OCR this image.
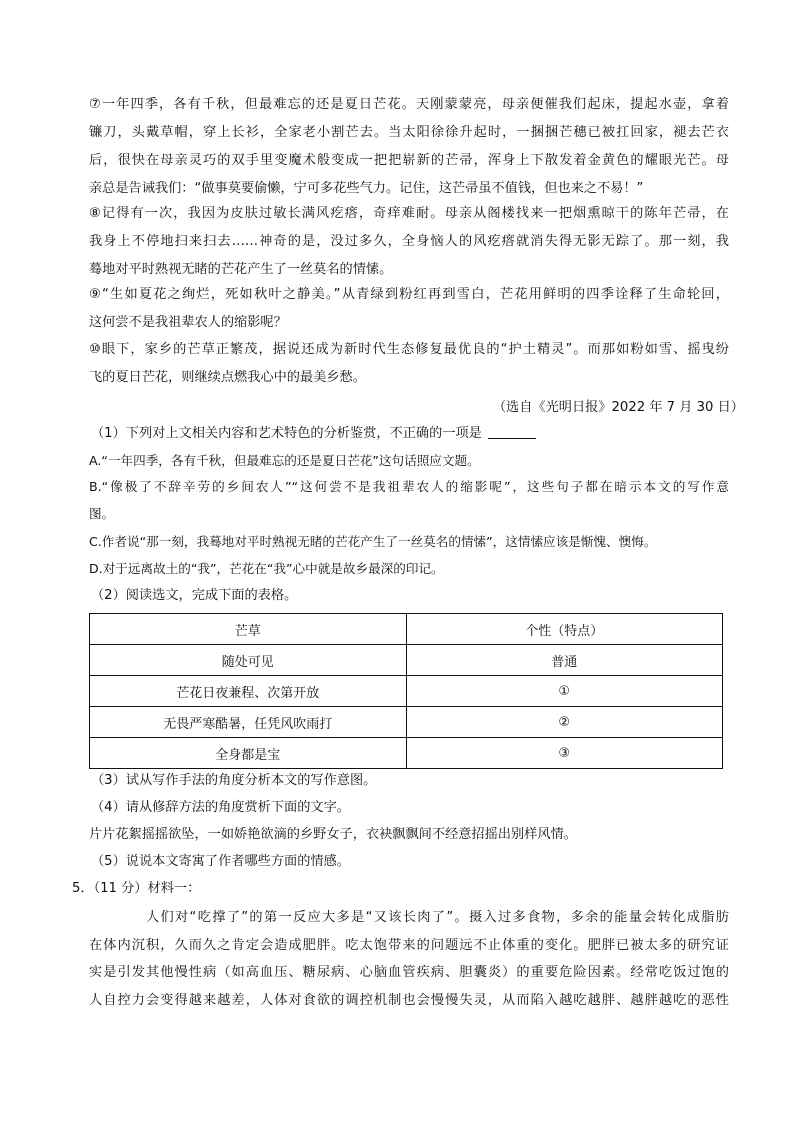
⑦一年四季，各有千秋，但最难忘的还是夏日芒花。天刚蒙蒙亮，母亲便催我们起床，提起水壶，拿着
镰刀，头戴草帽，穿上长衫，全家老小割芒去。当太阳徐徐升起时，一捆捆芒穗已被扛回家，褪去芒衣
后，很快在母亲灵巧的双手里变魔术般变成一把把崭新的芒帚，浑身上下散发着金黄色的耀眼光芒。母
亲总是告诫我们：“做事莫要偷懒，宁可多花些气力。记住，这芒帚虽不值钱，但也来之不易！”
⑧记得有一次，我因为皮肤过敏长满风疙瘩，奇痒难耐。母亲从阁楼找来一把烟熏晾干的陈年芒帚，在
我身上不停地扫来扫去……神奇的是，没过多久，全身恼人的风疙瘩就消失得无影无踪了。那一刻，我
蓦地对平时熟视无睹的芒花产生了一丝莫名的情愫。
⑨“生如夏花之绚烂，死如秋叶之静美。”从青绿到粉红再到雪白，芒花用鲜明的四季诠释了生命轮回，
这何尝不是我祖辈农人的缩影呢？
⑩眼下，家乡的芒草正繁茂，据说还成为新时代生态修复最优良的“护土精灵”。而那如粉如雪、摇曳纷
飞的夏日芒花，则继续点燃我心中的最美乡愁。
（选自《光明日报》2022 年 7 月 30 日）
（1）下列对上文相关内容和艺术特色的分析鉴赏，不正确的一项是
A.“一年四季，各有千秋，但最难忘的还是夏日芒花”这句话照应文题。
B.“像极了不辞辛劳的乡间农人”“这何尝不是我祖辈农人的缩影呢”，这些句子都在暗示本文的写作意
图。
C.作者说“那一刻，我蓦地对平时熟视无睹的芒花产生了一丝莫名的情愫”，这情愫应该是惭愧、懊悔。
D.对于远离故土的“我”，芒花在“我”心中就是故乡最深的印记。
（2）阅读选文，完成下面的表格。
芒草	个性（特点）
随处可见	普通
芒花日夜兼程、次第开放	①
无畏严寒酷暑，任凭风吹雨打	②
全身都是宝	③
（3）试从写作手法的角度分析本文的写作意图。
（4）请从修辞方法的角度赏析下面的文字。
片片花絮摇摇欲坠，一如娇艳欲滴的乡野女子，衣袂飘飘间不经意招摇出别样风情。
（5）说说本文寄寓了作者哪些方面的情感。
5．（11 分）材料一：
人们对“吃撑了”的第一反应大多是“又该长肉了”。摄入过多食物，多余的能量会转化成脂肪
在体内沉积，久而久之肯定会造成肥胖。吃太饱带来的问题远不止体重的变化。肥胖已被太多的研究证
实是引发其他慢性病（如高血压、糖尿病、心脑血管疾病、胆囊炎）的重要危险因素。经常吃饭过饱的
人自控力会变得越来越差，人体对食欲的调控机制也会慢慢失灵，从而陷入越吃越胖、越胖越吃的恶性
